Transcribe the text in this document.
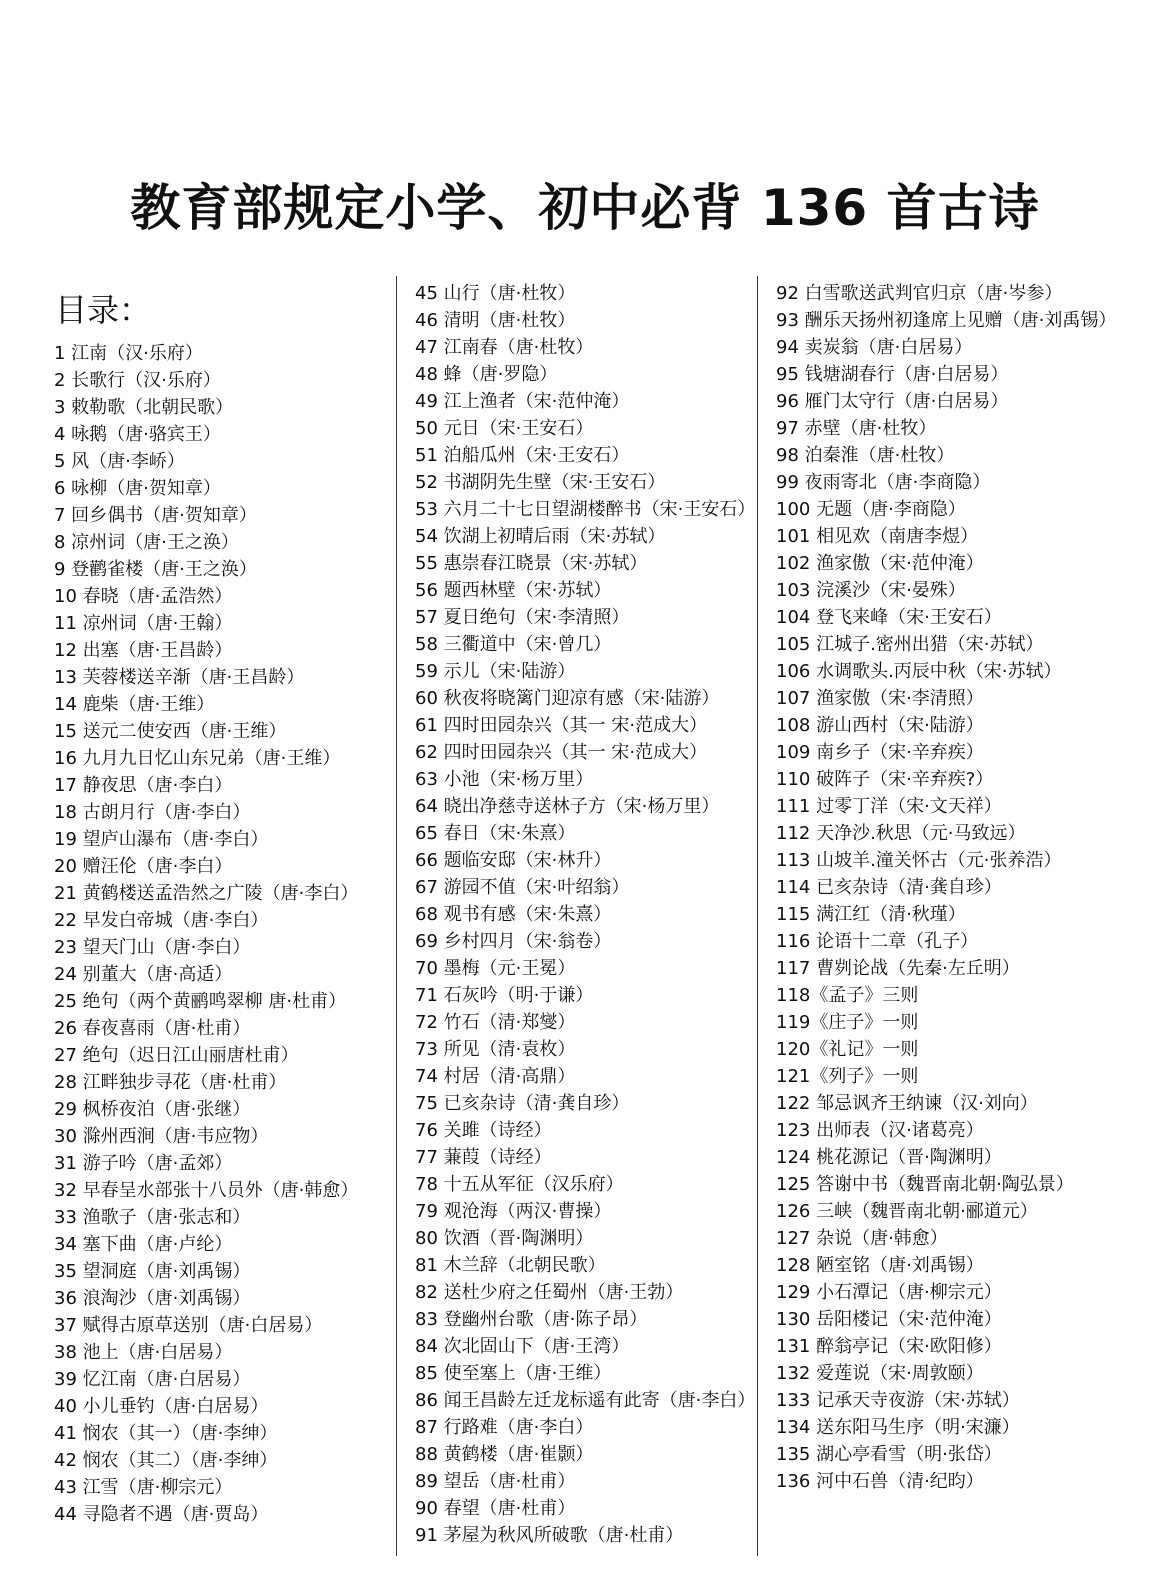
教育部规定小学、初中必背 136 首古诗
目录：
1 江南（汉·乐府）
2 长歌行（汉·乐府）
3 敕勒歌（北朝民歌）
4 咏鹅（唐·骆宾王）
5 风（唐·李峤）
6 咏柳（唐·贺知章）
7 回乡偶书（唐·贺知章）
8 凉州词（唐·王之涣）
9 登鹳雀楼（唐·王之涣）
10 春晓（唐·孟浩然）
11 凉州词（唐·王翰）
12 出塞（唐·王昌龄）
13 芙蓉楼送辛渐（唐·王昌龄）
14 鹿柴（唐·王维）
15 送元二使安西（唐·王维）
16 九月九日忆山东兄弟（唐·王维）
17 静夜思（唐·李白）
18 古朗月行（唐·李白）
19 望庐山瀑布（唐·李白）
20 赠汪伦（唐·李白）
21 黄鹤楼送孟浩然之广陵（唐·李白）
22 早发白帝城（唐·李白）
23 望天门山（唐·李白）
24 别董大（唐·高适）
25 绝句（两个黄鹂鸣翠柳 唐·杜甫）
26 春夜喜雨（唐·杜甫）
27 绝句（迟日江山丽唐杜甫）
28 江畔独步寻花（唐·杜甫）
29 枫桥夜泊（唐·张继）
30 滁州西涧（唐·韦应物）
31 游子吟（唐·孟郊）
32 早春呈水部张十八员外（唐·韩愈）
33 渔歌子（唐·张志和）
34 塞下曲（唐·卢纶）
35 望洞庭（唐·刘禹锡）
36 浪淘沙（唐·刘禹锡）
37 赋得古原草送别（唐·白居易）
38 池上（唐·白居易）
39 忆江南（唐·白居易）
40 小儿垂钓（唐·白居易）
41 悯农（其一）（唐·李绅）
42 悯农（其二）（唐·李绅）
43 江雪（唐·柳宗元）
44 寻隐者不遇（唐·贾岛）
45 山行（唐·杜牧）
46 清明（唐·杜牧）
47 江南春（唐·杜牧）
48 蜂（唐·罗隐）
49 江上渔者（宋·范仲淹）
50 元日（宋·王安石）
51 泊船瓜州（宋·王安石）
52 书湖阴先生壁（宋·王安石）
53 六月二十七日望湖楼醉书（宋·王安石）
54 饮湖上初晴后雨（宋·苏轼）
55 惠崇春江晓景（宋·苏轼）
56 题西林壁（宋·苏轼）
57 夏日绝句（宋·李清照）
58 三衢道中（宋·曾几）
59 示儿（宋·陆游）
60 秋夜将晓篱门迎凉有感（宋·陆游）
61 四时田园杂兴（其一 宋·范成大）
62 四时田园杂兴（其一 宋·范成大）
63 小池（宋·杨万里）
64 晓出净慈寺送林子方（宋·杨万里）
65 春日（宋·朱熹）
66 题临安邸（宋·林升）
67 游园不值（宋·叶绍翁）
68 观书有感（宋·朱熹）
69 乡村四月（宋·翁卷）
70 墨梅（元·王冕）
71 石灰吟（明·于谦）
72 竹石（清·郑燮）
73 所见（清·袁枚）
74 村居（清·高鼎）
75 已亥杂诗（清·龚自珍）
76 关雎（诗经）
77 蒹葭（诗经）
78 十五从军征（汉乐府）
79 观沧海（两汉·曹操）
80 饮酒（晋·陶渊明）
81 木兰辞（北朝民歌）
82 送杜少府之任蜀州（唐·王勃）
83 登幽州台歌（唐·陈子昂）
84 次北固山下（唐·王湾）
85 使至塞上（唐·王维）
86 闻王昌龄左迁龙标遥有此寄（唐·李白）
87 行路难（唐·李白）
88 黄鹤楼（唐·崔颢）
89 望岳（唐·杜甫）
90 春望（唐·杜甫）
91 茅屋为秋风所破歌（唐·杜甫）
92 白雪歌送武判官归京（唐·岑参）
93 酬乐天扬州初逢席上见赠（唐·刘禹锡）
94 卖炭翁（唐·白居易）
95 钱塘湖春行（唐·白居易）
96 雁门太守行（唐·白居易）
97 赤壁（唐·杜牧）
98 泊秦淮（唐·杜牧）
99 夜雨寄北（唐·李商隐）
100 无题（唐·李商隐）
101 相见欢（南唐李煜）
102 渔家傲（宋·范仲淹）
103 浣溪沙（宋·晏殊）
104 登飞来峰（宋·王安石）
105 江城子.密州出猎（宋·苏轼）
106 水调歌头.丙辰中秋（宋·苏轼）
107 渔家傲（宋·李清照）
108 游山西村（宋·陆游）
109 南乡子（宋·辛弃疾）
110 破阵子（宋·辛弃疾?）
111 过零丁洋（宋·文天祥）
112 天净沙.秋思（元·马致远）
113 山坡羊.潼关怀古（元·张养浩）
114 已亥杂诗（清·龚自珍）
115 满江红（清·秋瑾）
116 论语十二章（孔子）
117 曹刿论战（先秦·左丘明）
118《孟子》三则
119《庄子》一则
120《礼记》一则
121《列子》一则
122 邹忌讽齐王纳谏（汉·刘向）
123 出师表（汉·诸葛亮）
124 桃花源记（晋·陶渊明）
125 答谢中书（魏晋南北朝·陶弘景）
126 三峡（魏晋南北朝·郦道元）
127 杂说（唐·韩愈）
128 陋室铭（唐·刘禹锡）
129 小石潭记（唐·柳宗元）
130 岳阳楼记（宋·范仲淹）
131 醉翁亭记（宋·欧阳修）
132 爱莲说（宋·周敦颐）
133 记承天寺夜游（宋·苏轼）
134 送东阳马生序（明·宋濂）
135 湖心亭看雪（明·张岱）
136 河中石兽（清·纪昀）
